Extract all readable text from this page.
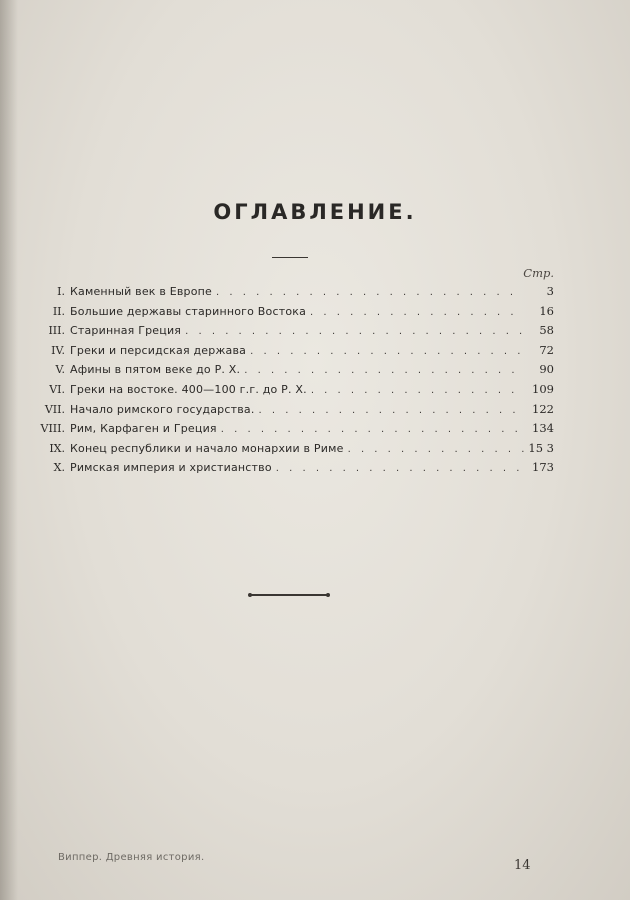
ОГЛАВЛЕНИЕ.
Стр.
I. Каменный век в Европе . . .	3
II. Большие державы старинного Востока . . .	16
III. Старинная Греция . . .	58
IV. Греки и персидская держава . . .	72
V. Афины в пятом веке до Р. Х. . . .	90
VI. Греки на востоке. 400—100 г.г. до Р. Х. . . .	109
VII. Начало римского государства. . . .	122
VIII. Рим, Карфаген и Греция . . .	134
IX. Конец республики и начало монархии в Риме . . .	15 3
X. Римская империя и христианство . . .	173
Виппер. Древняя история.
14
